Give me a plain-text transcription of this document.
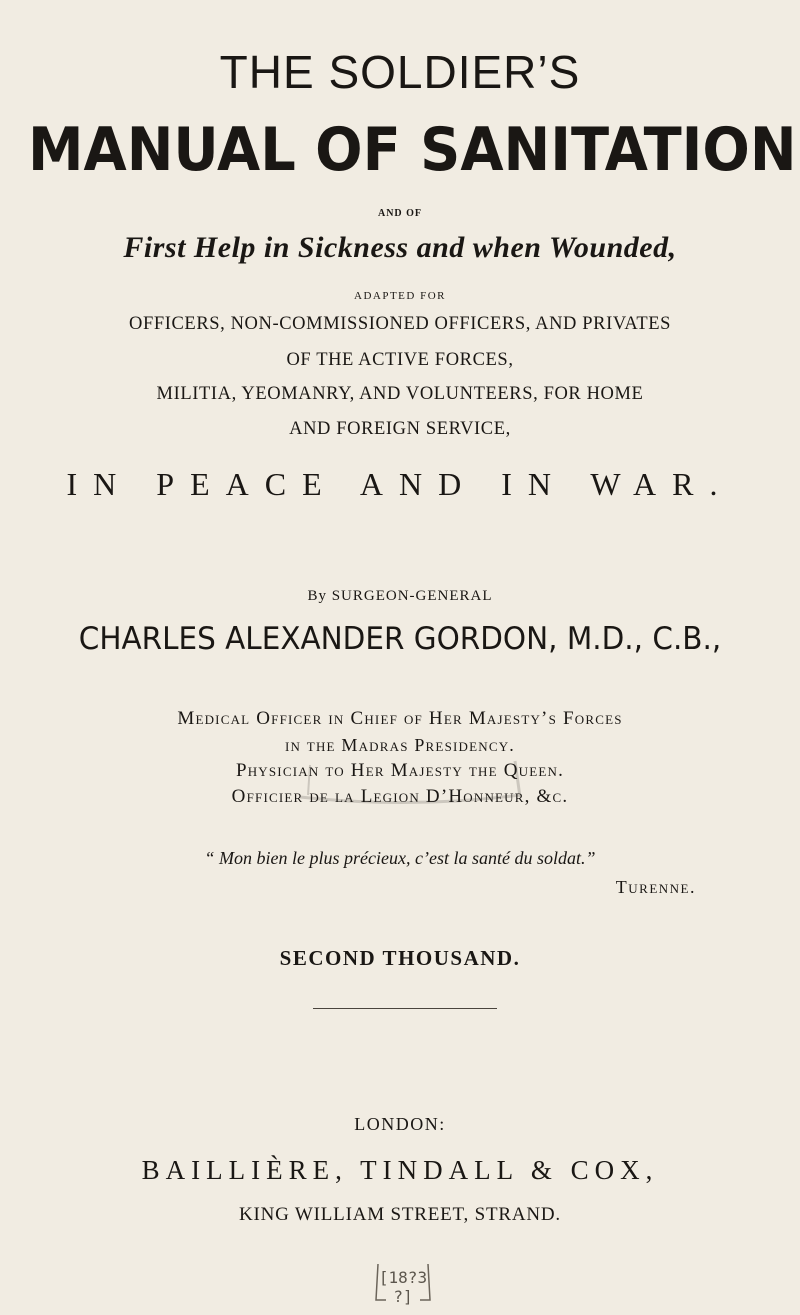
THE SOLDIER’S
MANUAL OF SANITATION
AND OF
First Help in Sickness and when Wounded,
ADAPTED FOR
OFFICERS, NON-COMMISSIONED OFFICERS, AND PRIVATES
OF THE ACTIVE FORCES,
MILITIA, YEOMANRY, AND VOLUNTEERS, FOR HOME
AND FOREIGN SERVICE,
IN PEACE AND IN WAR.
By SURGEON-GENERAL
CHARLES ALEXANDER GORDON, M.D., C.B.,
Medical Officer in Chief of Her Majesty’s Forces
in the Madras Presidency.
Physician to Her Majesty the Queen.
Officier de la Legion D’Honneur, &c.
“ Mon bien le plus précieux, c’est la santé du soldat.”
Turenne.
SECOND THOUSAND.
LONDON:
BAILLIÈRE, TINDALL & COX,
KING WILLIAM STREET, STRAND.
[18?3 ?]
